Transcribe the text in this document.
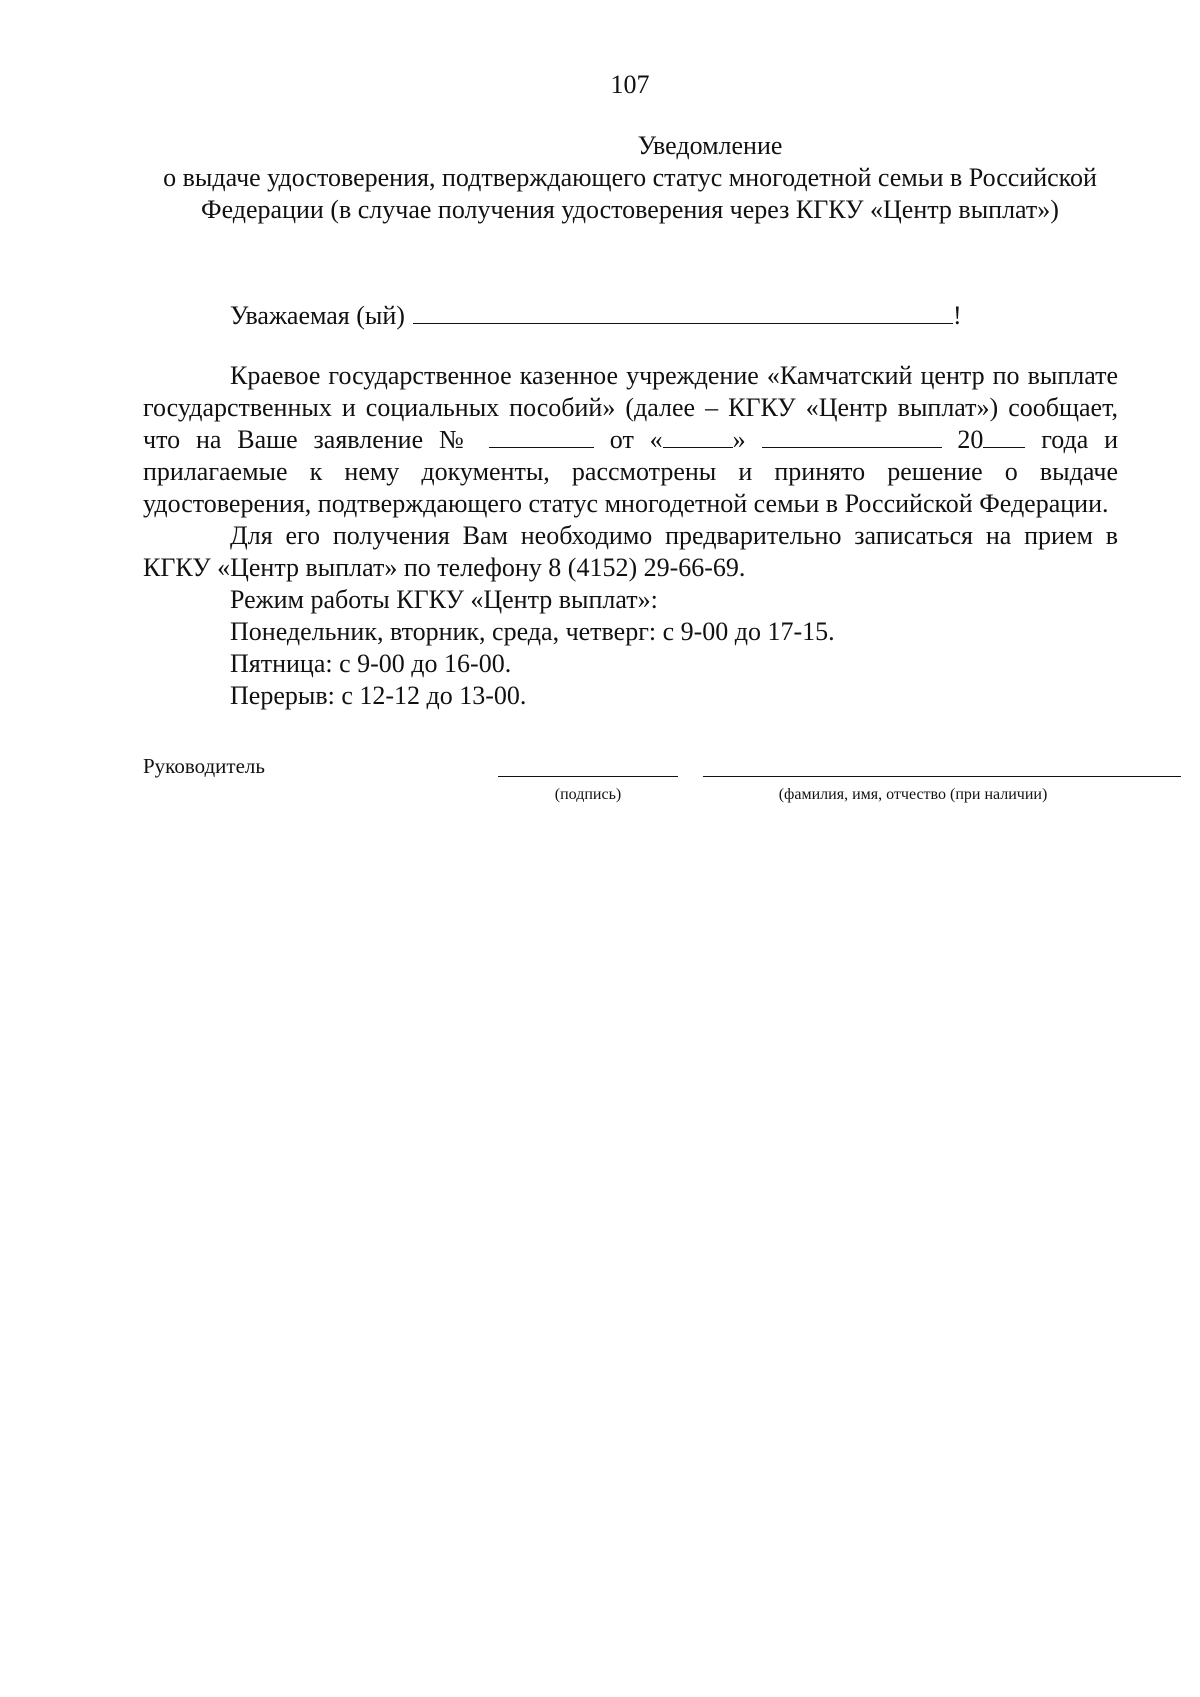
107
Уведомление
о выдаче удостоверения, подтверждающего статус многодетной семьи в Российской Федерации (в случае получения удостоверения через КГКУ «Центр выплат»)
Уважаемая (ый)	!

Краевое государственное казенное учреждение «Камчатский центр по выплате государственных и социальных пособий» (далее – КГКУ «Центр выплат») сообщает, что на Ваше заявление №	от «	»	20 года и прилагаемые к нему документы, рассмотрены и принято решение о выдаче удостоверения, подтверждающего статус многодетной семьи в Российской Федерации.

Для его получения Вам необходимо предварительно записаться на прием в КГКУ «Центр выплат» по телефону 8 (4152) 29-66-69.

Режим работы КГКУ «Центр выплат»:
Понедельник, вторник, среда, четверг: с 9-00 до 17-15.
Пятница: с 9-00 до 16-00.
Перерыв: с 12-12 до 13-00.
Руководитель
(подпись)	(фамилия, имя, отчество (при наличии)
